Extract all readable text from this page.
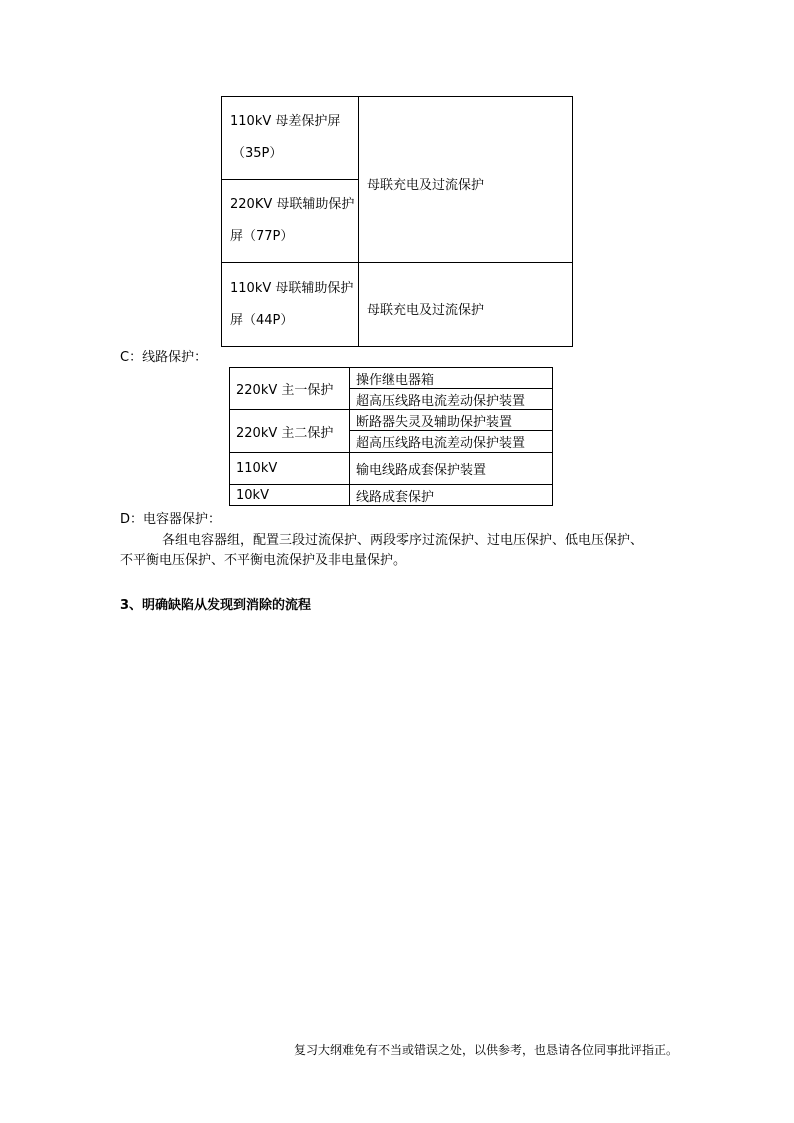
110kV 母差保护屏
（35P）	母联充电及过流保护

220KV 母联辅助保护
屏（77P）	

110kV 母联辅助保护
屏（44P）	母联充电及过流保护
C：线路保护：
220kV 主一保护	操作继电器箱
	超高压线路电流差动保护装置
220kV 主二保护	断路器失灵及辅助保护装置
	超高压线路电流差动保护装置
110kV	输电线路成套保护装置
10kV	线路成套保护
D：电容器保护：
各组电容器组，配置三段过流保护、两段零序过流保护、过电压保护、低电压保护、
不平衡电压保护、不平衡电流保护及非电量保护。
3、明确缺陷从发现到消除的流程
复习大纲难免有不当或错误之处，以供参考，也恳请各位同事批评指正。
